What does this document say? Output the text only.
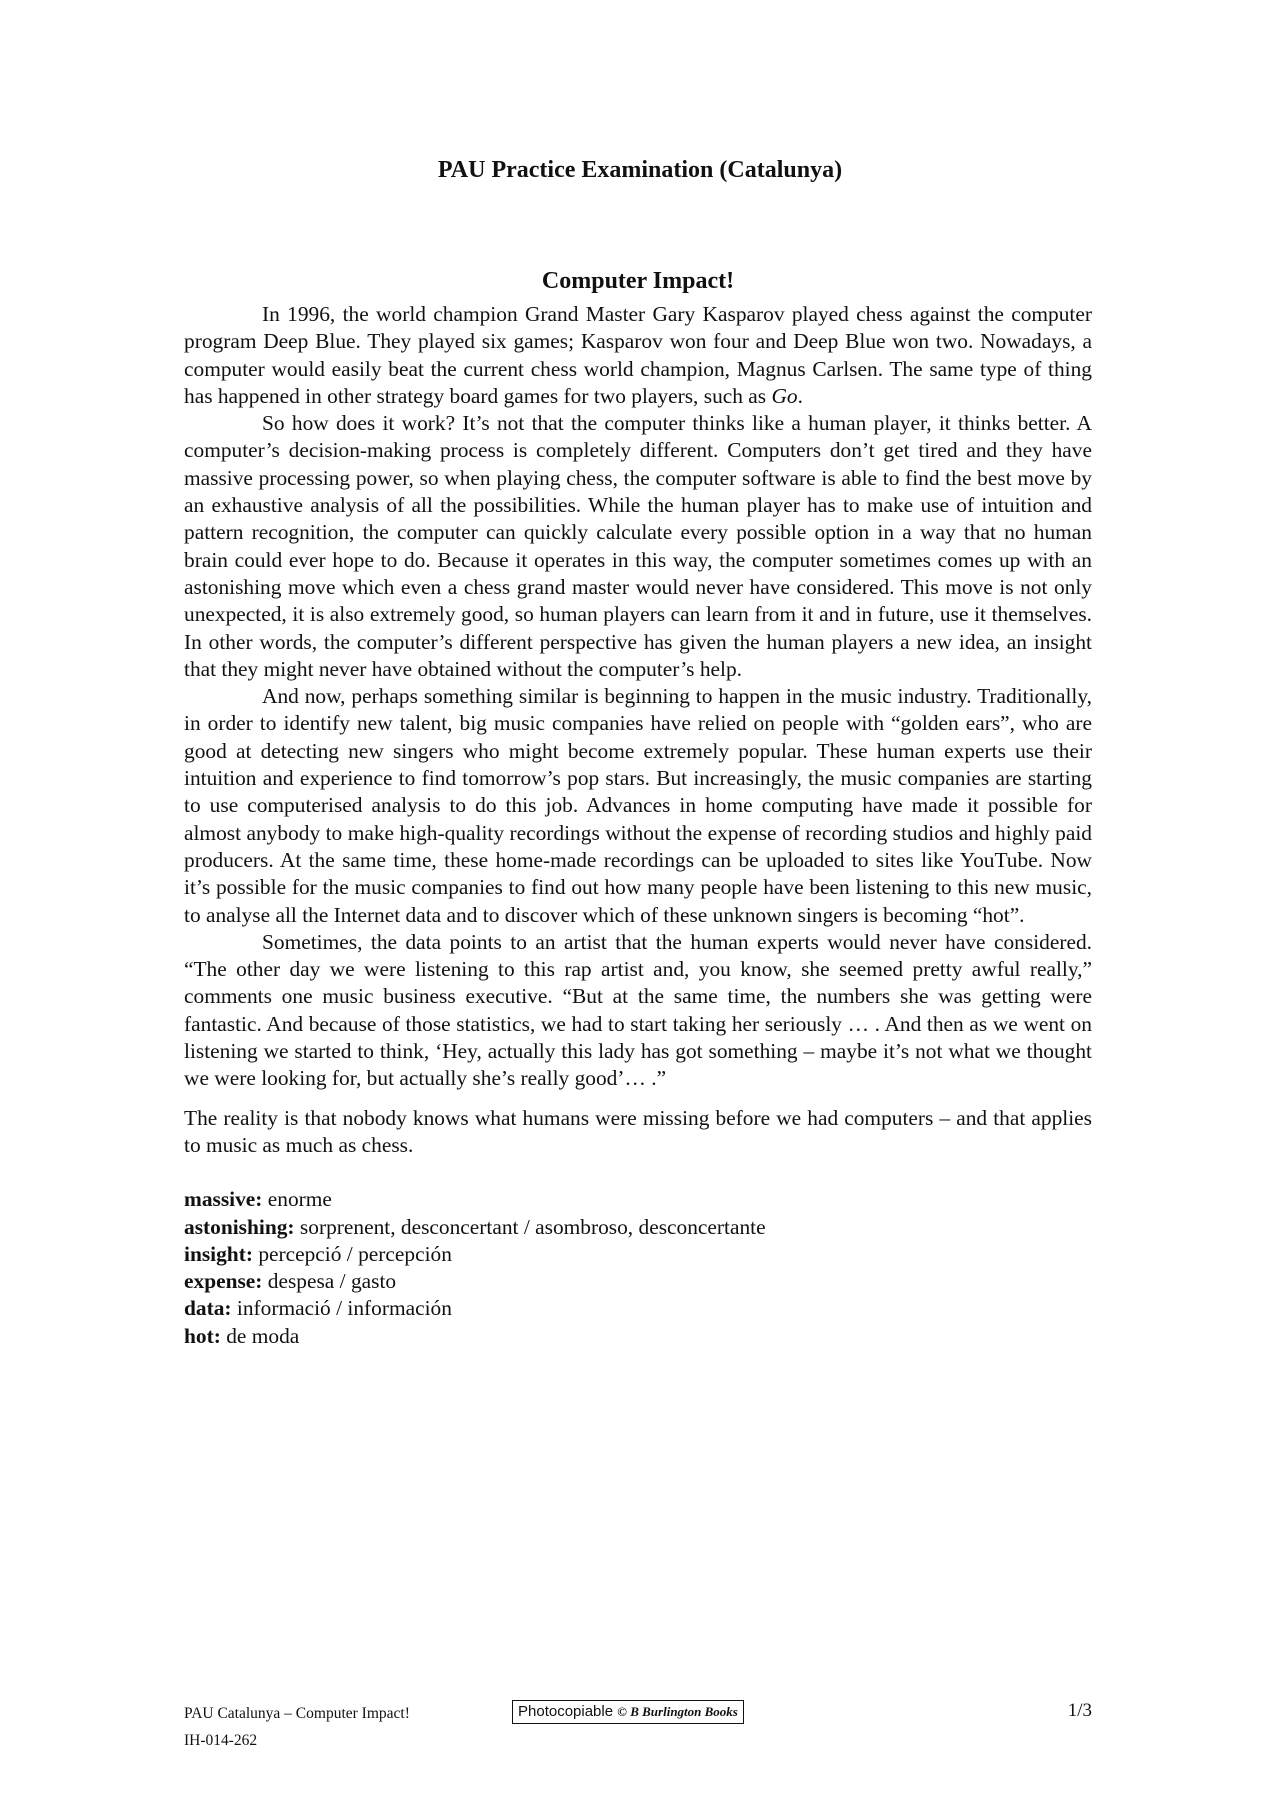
PAU Practice Examination (Catalunya)
Computer Impact!

In 1996, the world champion Grand Master Gary Kasparov played chess against the computer program Deep Blue. They played six games; Kasparov won four and Deep Blue won two. Nowadays, a computer would easily beat the current chess world champion, Magnus Carlsen. The same type of thing has happened in other strategy board games for two players, such as Go.

So how does it work? It’s not that the computer thinks like a human player, it thinks better. A computer’s decision-making process is completely different. Computers don’t get tired and they have massive processing power, so when playing chess, the computer software is able to find the best move by an exhaustive analysis of all the possibilities. While the human player has to make use of intuition and pattern recognition, the computer can quickly calculate every possible option in a way that no human brain could ever hope to do. Because it operates in this way, the computer sometimes comes up with an astonishing move which even a chess grand master would never have considered. This move is not only unexpected, it is also extremely good, so human players can learn from it and in future, use it themselves. In other words, the computer’s different perspective has given the human players a new idea, an insight that they might never have obtained without the computer’s help.

And now, perhaps something similar is beginning to happen in the music industry. Traditionally, in order to identify new talent, big music companies have relied on people with “golden ears”, who are good at detecting new singers who might become extremely popular. These human experts use their intuition and experience to find tomorrow’s pop stars. But increasingly, the music companies are starting to use computerised analysis to do this job. Advances in home computing have made it possible for almost anybody to make high-quality recordings without the expense of recording studios and highly paid producers. At the same time, these home-made recordings can be uploaded to sites like YouTube. Now it’s possible for the music companies to find out how many people have been listening to this new music, to analyse all the Internet data and to discover which of these unknown singers is becoming “hot”.

Sometimes, the data points to an artist that the human experts would never have considered. “The other day we were listening to this rap artist and, you know, she seemed pretty awful really,” comments one music business executive. “But at the same time, the numbers she was getting were fantastic. And because of those statistics, we had to start taking her seriously … . And then as we went on listening we started to think, ‘Hey, actually this lady has got something – maybe it’s not what we thought we were looking for, but actually she’s really good’… .”

The reality is that nobody knows what humans were missing before we had computers – and that applies to music as much as chess.

massive: enorme
astonishing: sorprenent, desconcertant / asombroso, desconcertante
insight: percepció / percepción
expense: despesa / gasto
data: informació / información
hot: de moda
PAU Catalunya – Computer Impact!
IH-014-262
Photocopiable © B Burlington Books	1/3
